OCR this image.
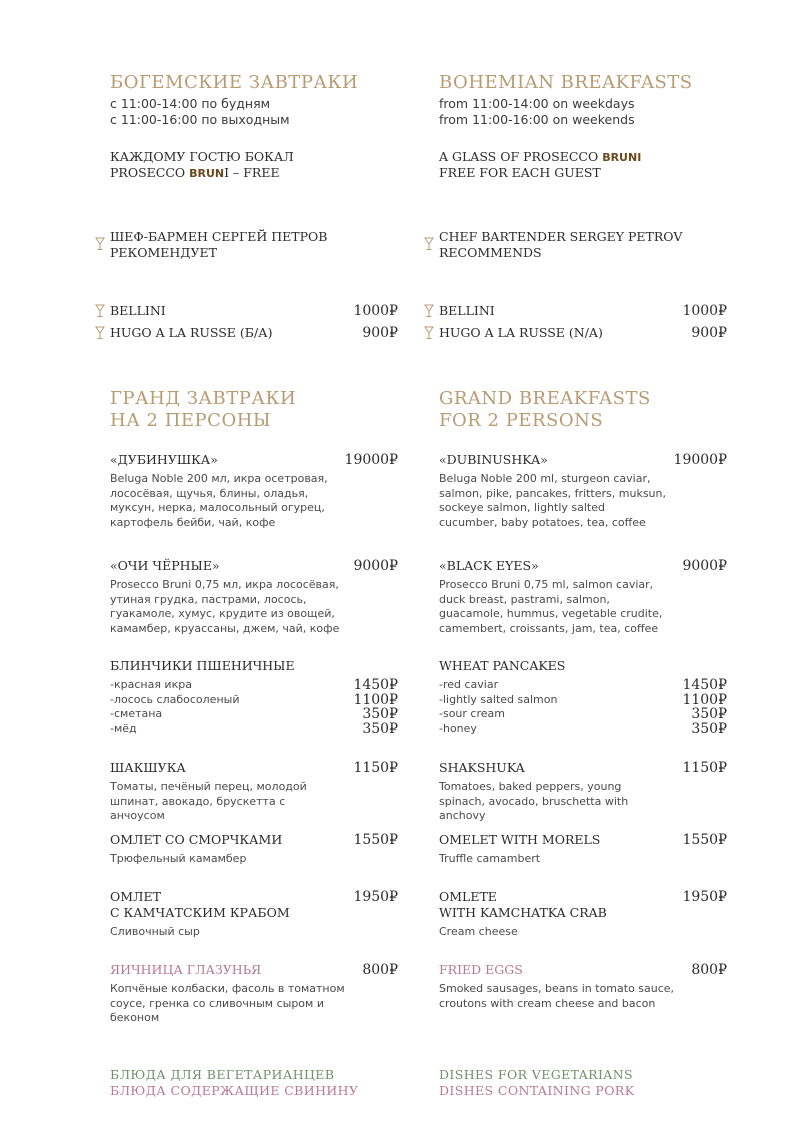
БОГЕМСКИЕ ЗАВТРАКИ
с 11:00-14:00 по будням
с 11:00-16:00 по выходным
КАЖДОМУ ГОСТЮ БОКАЛ
PROSECCO BRUNI – FREE
ШЕФ-БАРМЕН СЕРГЕЙ ПЕТРОВ
РЕКОМЕНДУЕТ
BELLINI	1000₽
HUGO A LA RUSSE (Б/А)	900₽
ГРАНД ЗАВТРАКИ
НА 2 ПЕРСОНЫ
«ДУБИНУШКА»	19000₽
Beluga Noble 200 мл, икра осетровая, лососёвая, щучья, блины, оладья, муксун, нерка, малосольный огурец, картофель бейби, чай, кофе
«ОЧИ ЧЁРНЫЕ»	9000₽
Prosecco Bruni 0,75 мл, икра лососёвая, утиная грудка, пастрами, лосось, гуакамоле, хумус, крудите из овощей, камамбер, круассаны, джем, чай, кофе
БЛИНЧИКИ ПШЕНИЧНЫЕ
-красная икра	1450₽
-лосось слабосоленый	1100₽
-сметана	350₽
-мёд	350₽
ШАКШУКА	1150₽
Томаты, печёный перец, молодой шпинат, авокадо, брускетта с анчоусом
ОМЛЕТ СО СМОРЧКАМИ	1550₽
Трюфельный камамбер
ОМЛЕТ	1950₽
С КАМЧАТСКИМ КРАБОМ
Сливочный сыр
ЯИЧНИЦА ГЛАЗУНЬЯ	800₽
Копчёные колбаски, фасоль в томатном соусе, гренка со сливочным сыром и беконом
БЛЮДА ДЛЯ ВЕГЕТАРИАНЦЕВ
БЛЮДА СОДЕРЖАЩИЕ СВИНИНУ
BOHEMIAN BREAKFASTS
from 11:00-14:00 on weekdays
from 11:00-16:00 on weekends
A GLASS OF PROSECCO BRUNI
FREE FOR EACH GUEST
CHEF BARTENDER SERGEY PETROV
RECOMMENDS
BELLINI	1000₽
HUGO A LA RUSSE (N/A)	900₽
GRAND BREAKFASTS
FOR 2 PERSONS
«DUBINUSHKA»	19000₽
Beluga Noble 200 ml, sturgeon caviar, salmon, pike, pancakes, fritters, muksun, sockeye salmon, lightly salted cucumber, baby potatoes, tea, coffee
«BLACK EYES»	9000₽
Prosecco Bruni 0,75 ml, salmon caviar, duck breast, pastrami, salmon, guacamole, hummus, vegetable crudite, camembert, croissants, jam, tea, coffee
WHEAT PANCAKES
-red caviar	1450₽
-lightly salted salmon	1100₽
-sour cream	350₽
-honey	350₽
SHAKSHUKA	1150₽
Tomatoes, baked peppers, young spinach, avocado, bruschetta with anchovy
OMELET WITH MORELS	1550₽
Truffle camambert
OMLETE	1950₽
WITH KAMCHATKA CRAB
Cream cheese
FRIED EGGS	800₽
Smoked sausages, beans in tomato sauce, croutons with cream cheese and bacon
DISHES FOR VEGETARIANS
DISHES CONTAINING PORK
